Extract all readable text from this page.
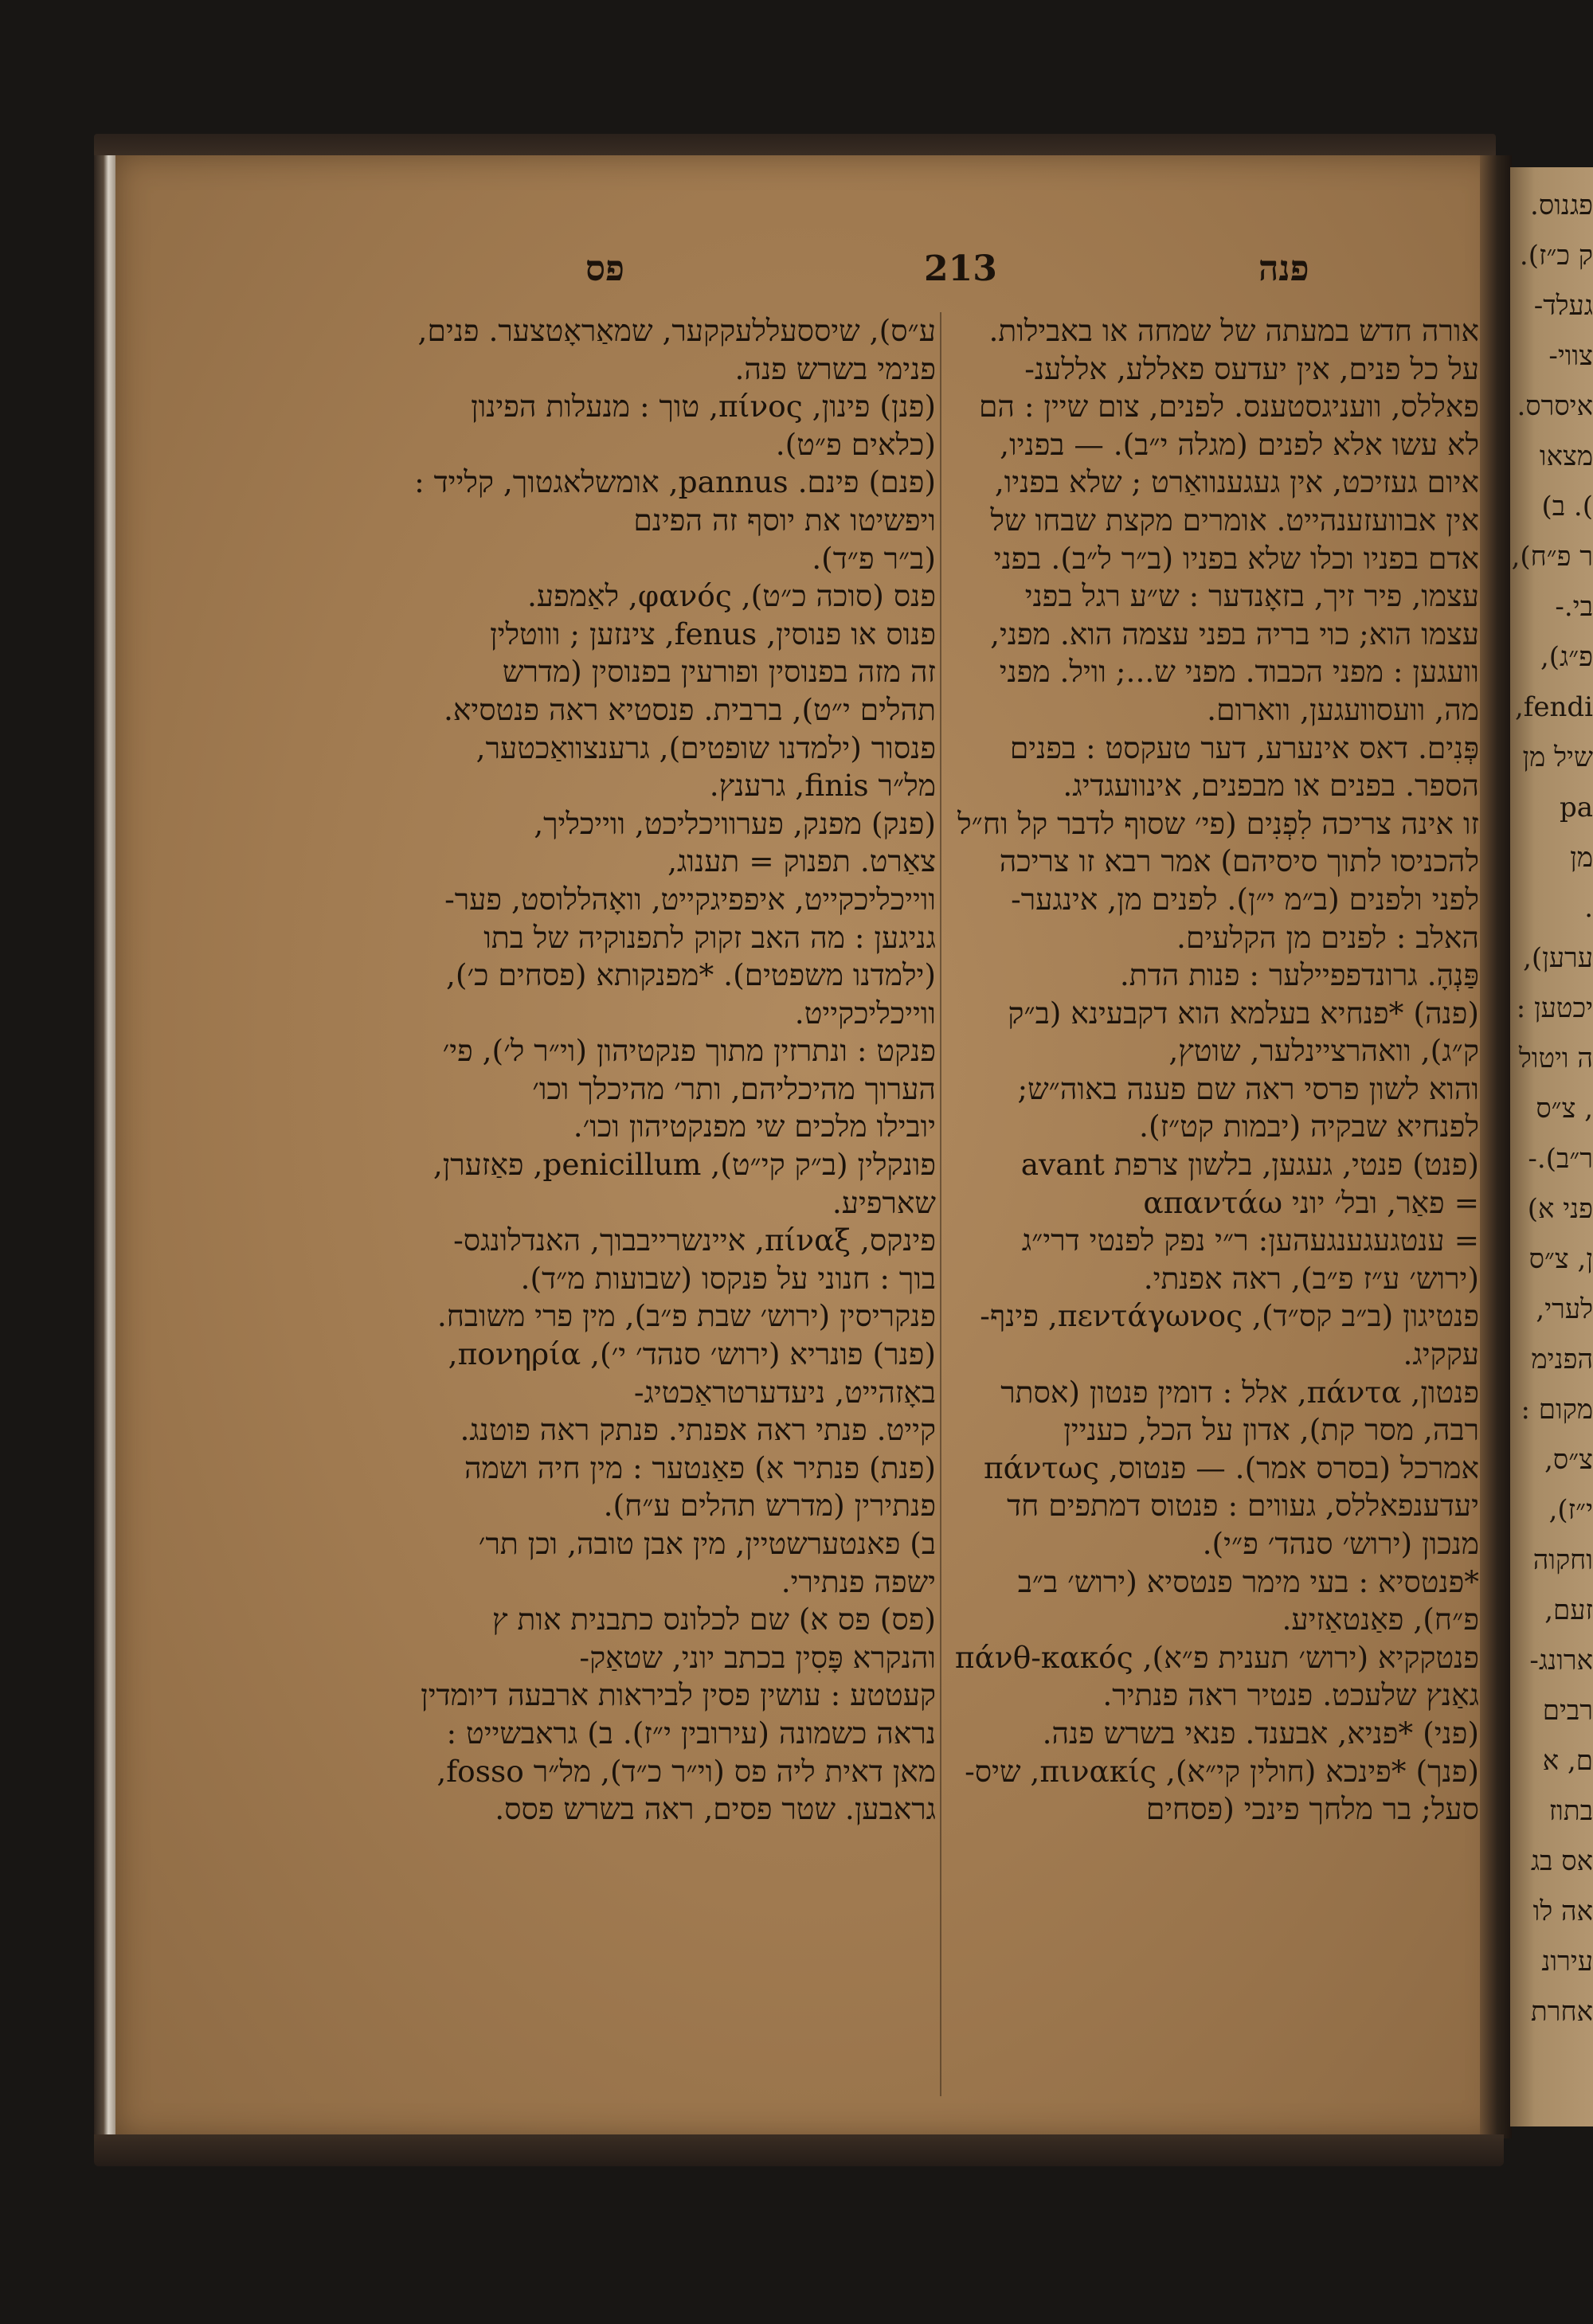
פגנוס.
ק כ״ז).
געלד-
צווי-
איסרס.
מצאו
). ב)
ר פ״ח),
בי.-
פ״ג),
fendi,
שיל מן
pa
מן
.
ערען),
יכטען :
ה ויטול
, צ״ס
ר״ב).-
פני א)
ן, צ״ס
לערי,
הפנימ
מקום :
צ״ס,
י״ז),
וחקוה
זעם,
ארונג-
רבים
ם, א
בתוז
אס בג
אה לו
עירונ
אחרת
פס	213	פנה
ע״ס), שיססעללעקקער, שמאַראָטצער. פנים,
פנימי בשרש פנה.
(פנן) פינון, πίνος, טוך : מנעלות הפינון
(כלאים פ״ט).
(פנם) פינם. pannus, אומשלאגטוך, קלייד :
ויפשיטו את יוסף זה הפינם
(ב״ר פ״ד).
פנס (סוכה כ״ט), φανός, לאַמפע.
פנוס או פנוסין, fenus, צינזען ; וווטלין
זה מזה בפנוסין ופורעין בפנוסין (מדרש
תהלים י״ט), ברבית. פנסטיא ראה פנטסיא.
פנסור (ילמדנו שופטים), גרענצוואַכטער,
מל״ר finis, גרענץ.
(פנק) מפנק, פערוויכליכט, ווייכליך,
צאַרט. תפנוק = תענוג,
ווייכליכקייט, איפפיגקייט, וואָהללוסט, פער-
גניגען : מה האב זקוק לתפנוקיה של בתו
(ילמדנו משפטים). *מפנקותא (פסחים כ׳),
ווייכליכקייט.
פנקט : ונתרזין מתוך פנקטיהון (וי״ר ל׳), פי׳
הערוך מהיכליהם, ותר׳ מהיכלך וכו׳
יובילו מלכים שי מפנקטיהון וכו׳.
פונקלין (ב״ק קי״ט), penicillum, פאַזערן,
שארפיע.
פינקס, πίναξ, איינשרייבבוך, האנדלונגס-
בוך : חנוני על פנקסו (שבועות מ״ד).
פנקריסין (ירוש׳ שבת פ״ב), מין פרי משובח.
(פנר) פונריא (ירוש׳ סנהד׳ י׳), πονηρία,
באָזהייט, ניעדערטראַכטיג-
קייט. פנתי ראה אפנתי. פנתק ראה פוטנג.
(פנת) פנתיר א) פאַנטער : מין חיה ושמה
פנתירין (מדרש תהלים ע״ח).
ב) פאנטערשטיין, מין אבן טובה, וכן תר׳
ישפה פנתירי.
(פס) פס א) שם לכלונס כתבנית אות ץ
והנקרא פָּסִין בכתב יוני, שטאַק-
קעטטע : עושין פסין לביראות ארבעה דיומדין
נראה כשמונה (עירובין י״ז). ב) גראבשייט :
מאן דאית ליה פס (וי״ר כ״ד), מל״ר fosso,
גראבען. שטר פסים, ראה בשרש פסס.
אורה חדש במעתה של שמחה או באבילות.
על כל פנים, אין יעדעס פאללע, אללענ-
פאללס, וועניגסטענס. לפנים, צום שיין : הם
לא עשו אלא לפנים (מגלה י״ב). — בפניו,
איום געזיכט, אין געגענוואַרט ; שלא בפניו,
אין אבוועזענהייט. אומרים מקצת שבחו של
אדם בפניו וכלו שלא בפניו (ב״ר ל״ב). בפני
עצמו, פיר זיך, בזאָנדער : ש״ע רגל בפני
עצמו הוא; כוי בריה בפני עצמה הוא. מפני,
וועגען : מפני הכבוד. מפני ש...; וויל. מפני
מה, וועסוועגען, ווארום.
פְּנִים. דאס אינערע, דער טעקסט : בפנים
הספר. בפנים או מבפנים, אינוועגדיג.
זו אינה צריכה לִפְנִים (פי׳ שסוף לדבר קל וח״ל
להכניסו לתוך סיסיהם) אמר רבא זו צריכה
לפני ולפנים (ב״מ י״ן). לפנים מן, אינגער-
האלב : לפנים מן הקלעים.
פַּנְהָ. גרונדפפיילער : פנות הדת.
(פנה) *פנחיא בעלמא הוא דקבעינא (ב״ק
ק״ג), וואהרציינלער, שוטץ,
והוא לשון פרסי ראה שם פענה באוה״ש;
לפנחיא שבקיה (יבמות קט״ז).
(פנט) פנטי, געגען, בלשון צרפת avant
= פאַר, ובל׳ יוני απαντάω
= ענטגעגענגעהען: ר״י נפק לפנטי דרי״ג
(ירוש׳ ע״ז פ״ב), ראה אפנתי.
פנטיגון (ב״ב קס״ד), πεντάγωνος, פינף-
עקקיג.
פנטון, πάντα, אלל : דומין פנטון (אסתר
רבה, מסר קת), אדון על הכל, כעניין
אמרכל (בסרס אמר). — פנטוס, πάντως
יעדענפאללס, געווים : פנטוס דמתפים חד
מנכון (ירוש׳ סנהד׳ פ״י).
*פנטסיא : בעי מימר פנטסיא (ירוש׳ ב״ב
פ״ח), פאַנטאַזיע.
פנטקקיא (ירוש׳ תענית פ״א), πάνθ-κακός
גאַנץ שלעכט. פנטיר ראה פנתיר.
(פני) *פניא, אבענד. פנאי בשרש פנה.
(פנך) *פינכא (חולין קי״א), πινακίς, שיס-
סעל; בר מלחך פינכי (פסחים
